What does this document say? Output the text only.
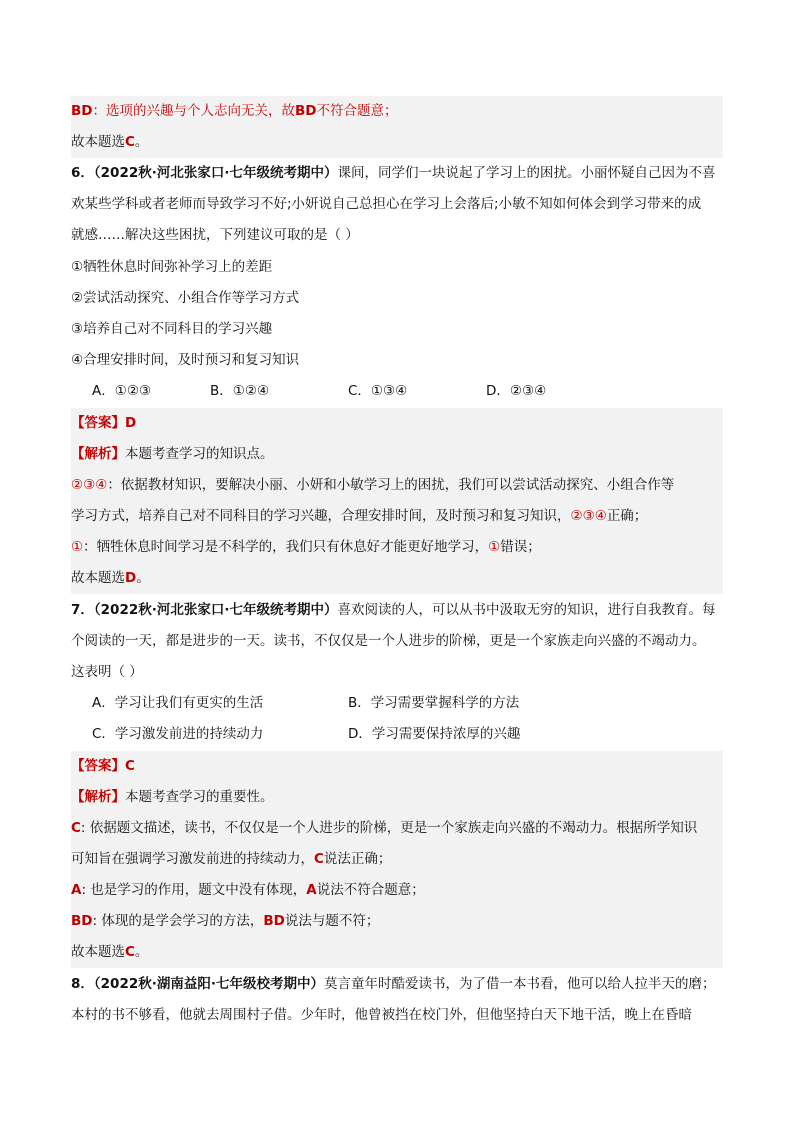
BD：选项的兴趣与个人志向无关，故BD不符合题意；
故本题选C。
6．（2022秋·河北张家口·七年级统考期中）课间，同学们一块说起了学习上的困扰。小丽怀疑自己因为不喜
欢某些学科或者老师而导致学习不好;小妍说自己总担心在学习上会落后;小敏不知如何体会到学习带来的成
就感……解决这些困扰，下列建议可取的是（ ）
①牺牲休息时间弥补学习上的差距
②尝试活动探究、小组合作等学习方式
③培养自己对不同科目的学习兴趣
④合理安排时间，及时预习和复习知识
A．①②③	B．①②④	C．①③④	D．②③④
【答案】D
【解析】本题考查学习的知识点。
②③④：依据教材知识，要解决小丽、小妍和小敏学习上的困扰，我们可以尝试活动探究、小组合作等
学习方式，培养自己对不同科目的学习兴趣，合理安排时间，及时预习和复习知识，②③④正确；
①：牺牲休息时间学习是不科学的，我们只有休息好才能更好地学习，①错误；
故本题选D。
7．（2022秋·河北张家口·七年级统考期中）喜欢阅读的人，可以从书中汲取无穷的知识，进行自我教育。每
个阅读的一天，都是进步的一天。读书，不仅仅是一个人进步的阶梯，更是一个家族走向兴盛的不竭动力。
这表明（ ）
A．学习让我们有更实的生活	B．学习需要掌握科学的方法
C．学习激发前进的持续动力	D．学习需要保持浓厚的兴趣
【答案】C
【解析】本题考查学习的重要性。
C: 依据题文描述，读书，不仅仅是一个人进步的阶梯，更是一个家族走向兴盛的不竭动力。根据所学知识
可知旨在强调学习激发前进的持续动力，C说法正确；
A: 也是学习的作用，题文中没有体现，A说法不符合题意；
BD: 体现的是学会学习的方法，BD说法与题不符；
故本题选C。
8．（2022秋·湖南益阳·七年级校考期中）莫言童年时酷爱读书，为了借一本书看，他可以给人拉半天的磨；
本村的书不够看，他就去周围村子借。少年时，他曾被挡在校门外，但他坚持白天下地干活，晚上在昏暗
